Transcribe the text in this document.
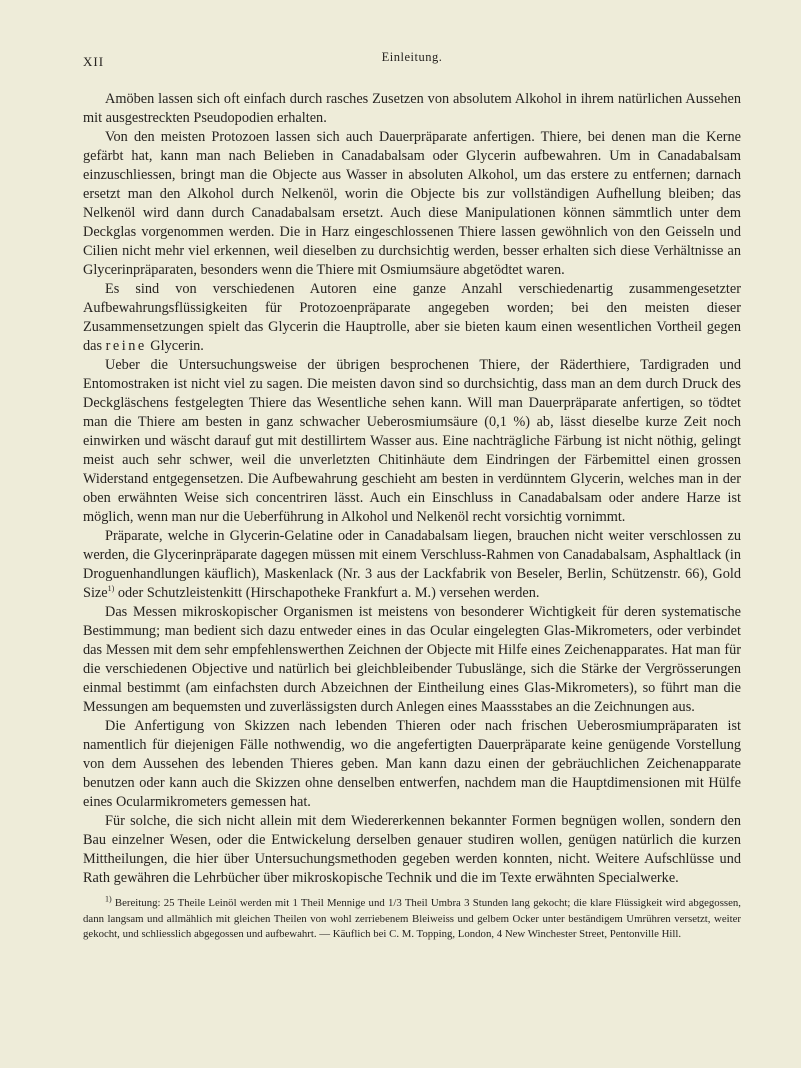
XII	Einleitung.

Amöben lassen sich oft einfach durch rasches Zusetzen von absolutem Alkohol in ihrem natürlichen Aussehen mit ausgestreckten Pseudopodien erhalten.

Von den meisten Protozoen lassen sich auch Dauerpräparate anfertigen. Thiere, bei denen man die Kerne gefärbt hat, kann man nach Belieben in Canadabalsam oder Glycerin aufbewahren. Um in Canadabalsam einzuschliessen, bringt man die Objecte aus Wasser in absoluten Alkohol, um das erstere zu entfernen; darnach ersetzt man den Alkohol durch Nelkenöl, worin die Objecte bis zur vollständigen Aufhellung bleiben; das Nelkenöl wird dann durch Canadabalsam ersetzt. Auch diese Manipulationen können sämmtlich unter dem Deckglas vorgenommen werden. Die in Harz eingeschlossenen Thiere lassen gewöhnlich von den Geisseln und Cilien nicht mehr viel erkennen, weil dieselben zu durchsichtig werden, besser erhalten sich diese Verhältnisse an Glycerinpräparaten, besonders wenn die Thiere mit Osmiumsäure abgetödtet waren.

Es sind von verschiedenen Autoren eine ganze Anzahl verschiedenartig zusammengesetzter Aufbewahrungsflüssigkeiten für Protozoenpräparate angegeben worden; bei den meisten dieser Zusammensetzungen spielt das Glycerin die Hauptrolle, aber sie bieten kaum einen wesentlichen Vortheil gegen das reine Glycerin.

Ueber die Untersuchungsweise der übrigen besprochenen Thiere, der Räderthiere, Tardigraden und Entomostraken ist nicht viel zu sagen. Die meisten davon sind so durchsichtig, dass man an dem durch Druck des Deckgläschens festgelegten Thiere das Wesentliche sehen kann. Will man Dauerpräparate anfertigen, so tödtet man die Thiere am besten in ganz schwacher Ueberosmiumsäure (0,1 %) ab, lässt dieselbe kurze Zeit noch einwirken und wäscht darauf gut mit destillirtem Wasser aus. Eine nachträgliche Färbung ist nicht nöthig, gelingt meist auch sehr schwer, weil die unverletzten Chitinhäute dem Eindringen der Färbemittel einen grossen Widerstand entgegensetzen. Die Aufbewahrung geschieht am besten in verdünntem Glycerin, welches man in der oben erwähnten Weise sich concentriren lässt. Auch ein Einschluss in Canadabalsam oder andere Harze ist möglich, wenn man nur die Ueberführung in Alkohol und Nelkenöl recht vorsichtig vornimmt.

Präparate, welche in Glycerin-Gelatine oder in Canadabalsam liegen, brauchen nicht weiter verschlossen zu werden, die Glycerinpräparate dagegen müssen mit einem Verschluss-Rahmen von Canadabalsam, Asphaltlack (in Droguenhandlungen käuflich), Maskenlack (Nr. 3 aus der Lackfabrik von Beseler, Berlin, Schützenstr. 66), Gold Size$^{1)}$ oder Schutzleistenkitt (Hirschapotheke Frankfurt a. M.) versehen werden.

Das Messen mikroskopischer Organismen ist meistens von besonderer Wichtigkeit für deren systematische Bestimmung; man bedient sich dazu entweder eines in das Ocular eingelegten Glas-Mikrometers, oder verbindet das Messen mit dem sehr empfehlenswerthen Zeichnen der Objecte mit Hilfe eines Zeichenapparates. Hat man für die verschiedenen Objective und natürlich bei gleichbleibender Tubuslänge, sich die Stärke der Vergrösserungen einmal bestimmt (am einfachsten durch Abzeichnen der Eintheilung eines Glas-Mikrometers), so führt man die Messungen am bequemsten und zuverlässigsten durch Anlegen eines Maassstabes an die Zeichnungen aus.

Die Anfertigung von Skizzen nach lebenden Thieren oder nach frischen Ueberosmiumpräparaten ist namentlich für diejenigen Fälle nothwendig, wo die angefertigten Dauerpräparate keine genügende Vorstellung von dem Aussehen des lebenden Thieres geben. Man kann dazu einen der gebräuchlichen Zeichenapparate benutzen oder kann auch die Skizzen ohne denselben entwerfen, nachdem man die Hauptdimensionen mit Hülfe eines Ocularmikrometers gemessen hat.

Für solche, die sich nicht allein mit dem Wiedererkennen bekannter Formen begnügen wollen, sondern den Bau einzelner Wesen, oder die Entwickelung derselben genauer studiren wollen, genügen natürlich die kurzen Mittheilungen, die hier über Untersuchungsmethoden gegeben werden konnten, nicht. Weitere Aufschlüsse und Rath gewähren die Lehrbücher über mikroskopische Technik und die im Texte erwähnten Specialwerke.

$^{1)}$ Bereitung: 25 Theile Leinöl werden mit 1 Theil Mennige und 1/3 Theil Umbra 3 Stunden lang gekocht; die klare Flüssigkeit wird abgegossen, dann langsam und allmählich mit gleichen Theilen von wohl zerriebenem Bleiweiss und gelbem Ocker unter beständigem Umrühren versetzt, weiter gekocht, und schliesslich abgegossen und aufbewahrt. — Käuflich bei C. M. Topping, London, 4 New Winchester Street, Pentonville Hill.
